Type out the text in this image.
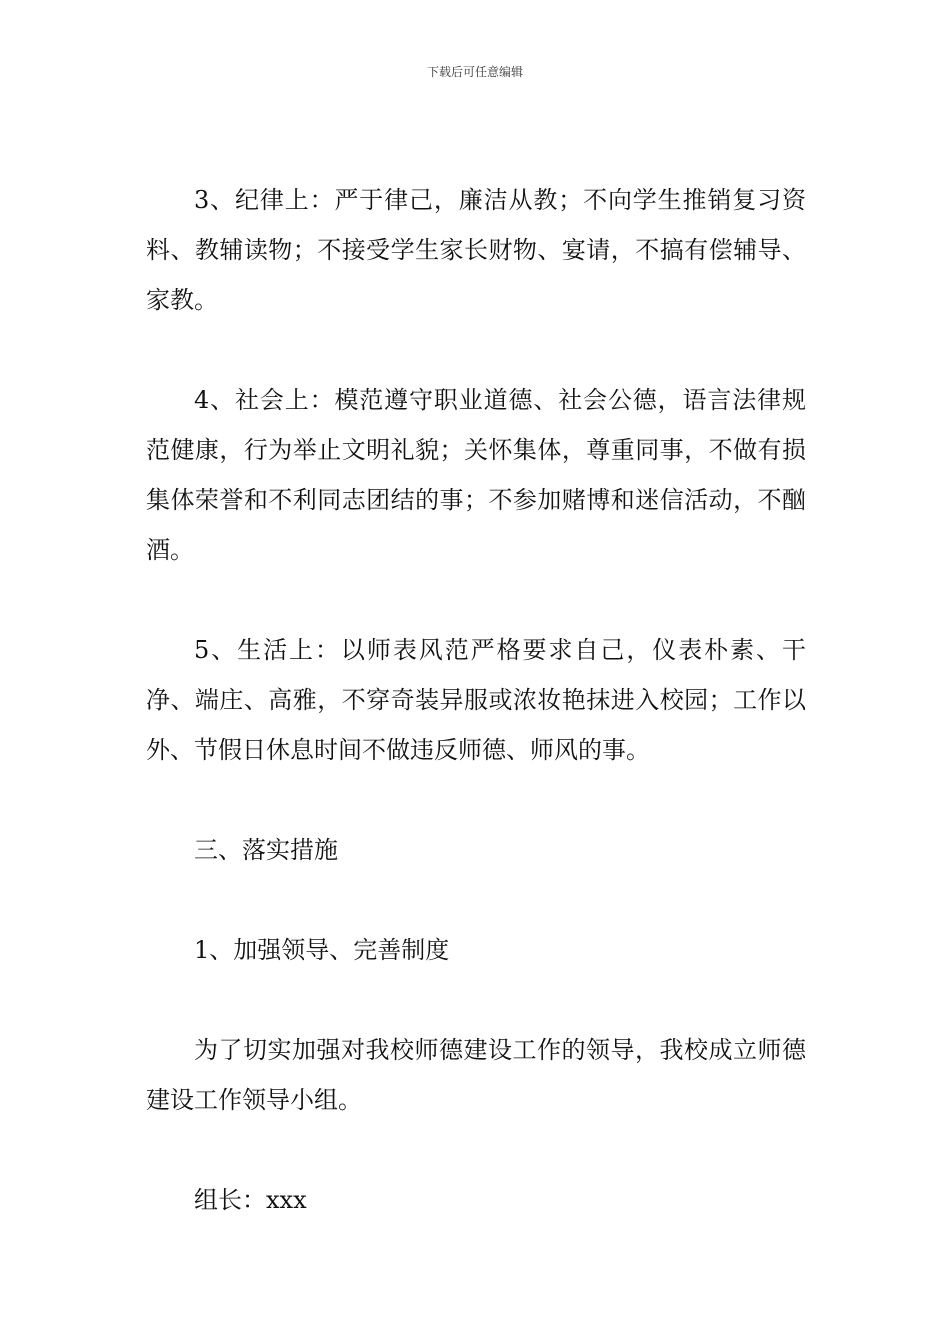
下载后可任意编辑

3、纪律上：严于律己，廉洁从教；不向学生推销复习资料、教辅读物；不接受学生家长财物、宴请，不搞有偿辅导、家教。

4、社会上：模范遵守职业道德、社会公德，语言法律规范健康，行为举止文明礼貌；关怀集体，尊重同事，不做有损集体荣誉和不利同志团结的事；不参加赌博和迷信活动，不酗酒。

5、生活上：以师表风范严格要求自己，仪表朴素、干净、端庄、高雅，不穿奇装异服或浓妆艳抹进入校园；工作以外、节假日休息时间不做违反师德、师风的事。

三、落实措施

1、加强领导、完善制度

为了切实加强对我校师德建设工作的领导，我校成立师德建设工作领导小组。

组长：xxx
